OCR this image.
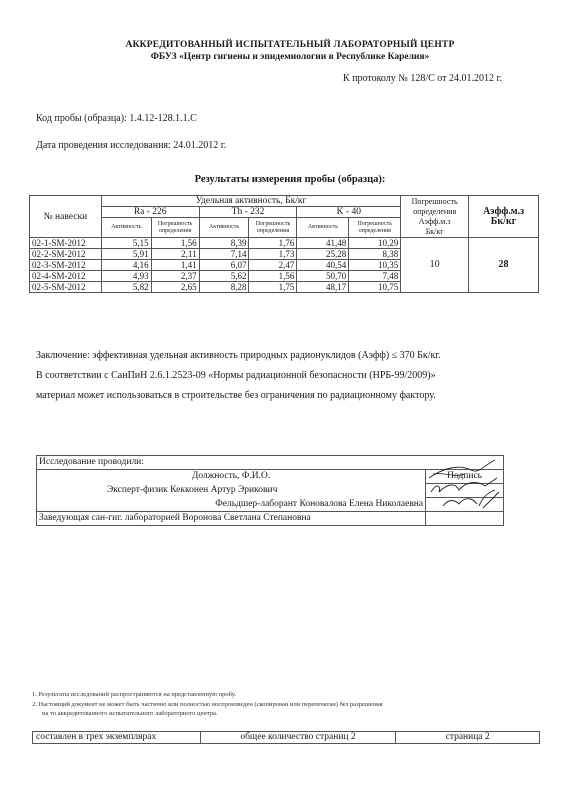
АККРЕДИТОВАННЫЙ ИСПЫТАТЕЛЬНЫЙ ЛАБОРАТОРНЫЙ ЦЕНТР
ФБУЗ «Центр гигиены и эпидемиологии в Республике Карелия»
К протоколу № 128/С от 24.01.2012 г.
Код пробы (образца): 1.4.12-128.1.1.С
Дата проведения исследования: 24.01.2012 г.
Результаты измерения пробы (образца):
№ навески	Удельная активность, Бк/кг						Погрешность
определения
Аэфф.м.з
Бк/кг	Аэфф.м.з
Бк/кг
	Ra - 226		Th - 232		K - 40			
	Активность	Погрешность определения	Активность	Погрешность определения	Активность	Погрешность определения		
02-1-SM-2012	5,15	1,56	8,39	1,76	41,48	10,29	10	28
02-2-SM-2012	5,91	2,11	7,14	1,73	25,28	8,38		
02-3-SM-2012	4,16	1,41	6,07	2,47	40,54	10,35		
02-4-SM-2012	4,93	2,37	5,62	1,56	50,70	7,48		
02-5-SM-2012	5,82	2,65	8,28	1,75	48,17	10,75		
Заключение: эффективная удельная активность природных радионуклидов (Аэфф) ≤ 370 Бк/кг.
В соответствии с СанПиН 2.6.1.2523-09 «Нормы радиационной безопасности (НРБ-99/2009)»
материал может использоваться в строительстве без ограничения по радиационному фактору.
Исследование проводили:	
Должность, Ф.И.О.	Подпись
Эксперт-физик Кекконен Артур Эрикович	
Фельдшер-лаборант Коновалова Елена Николаевна	
Заведующая сан-гиг. лабораторией Воронова Светлана Степановна	
1. Результаты исследований распространяются на представленную пробу.
2. Настоящий документ не может быть частично или полностью воспроизведен (скопирован или перепечатан) без разрешения
на то аккредитованного испытательного лабораторного центра.
составлен в трех экземплярах	общее количество страниц 2	страница 2
